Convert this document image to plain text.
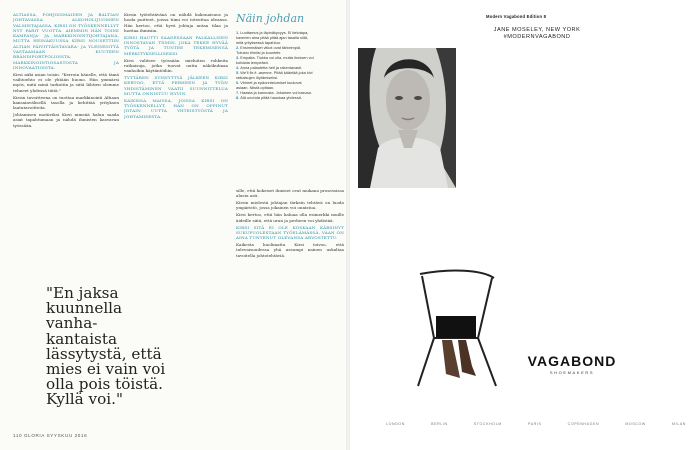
ALTIASSA, POHJOISMAIDEN JA BALTIAN JOHTAVASSA ALKOHOLIJUOMIEN VALMISTAJASSA, KIRSI ON TYÖSKENNELLYT NYT PARIT VUOTTA. AIEMMIN HÄN TOIMI KAMPANJA- JA MARKKINOINTIJOHTAJANA, MUTTA HEINÄKUUSSA KIRSI NOUSETTIIN ALTIAN PÄIVITTÄISTAVARA- JA YLEISESITTÄ VASTAAMAAN KUUTEEN BRÄNDIPORTFOLIOISTA, MARKKINOINTIOSASTOSTA JA INNOVAATIOISTA.

Kirsi näki asian toisin. "Kerroin hänelle, että tämä vaihtoehto ei ole yhtään huono. Hän ymmärsi myös, mitä minä tarkoitin ja siitä lähtien olemme tehneet yhdessä töitä."

Kirsin tavoitteena on tuottaa markkinointi Altiaan kansainvälisellä tasolla ja kehittää yrityksen laatutavoitteita.

Johtamisen motiiviksi Kirsi nimeää halun saada asiat tapahtumaan ja nähdä ihmisten kasvavan työssään.

Kirsin työtehtävänä on nähdä kokonaisuus ja luoda puitteet, joissa tiimi voi toteuttaa ideansa. Hän kertoo, että hyvä johtaja antaa tilaa ja luottaa ihmisiin.

KIRSI HAUTTI SAADESSAAN PALKALLISEN INNOSTAVAN TIIMIN, JOKA TEKEE HYVÄÄ TYÖTÄ JA TUNTEE TEKEMISENSÄ MERKITYKSELLISEKSI.

Kirsi valitsee työssään mieluiten rohkeita ratkaisuja, jotka tuovat uutta näkökulmaa vanhoihin käytäntöihin.

TYTTÄREN SYNNYTTYÄ JÄLKEEN KIRSI KERTOO, ETTÄ PERHEEN JA TYÖN YHDISTÄMINEN VAATII SUUNNITTELUA MUTTA ONNISTUU HYVIN.

KAIKISSA MAISSA, JOISSA KIRSI ON TYÖSKENNELLYT, HÄN ON OPPINUT JOTAIN UUTTA YHTEISTYÖSTÄ JA JOHTAMISESTA.

"En jaksa kuunnella vanha-kantaista lässytystä, että mies ei vain voi olla pois töistä. Kyllä voi."
110 GLORIA SYYSKUU 2016
Näin johdan

1.Luottamus ja läpinäkyvyys. Ei tietotapa, kaverien aina pitää pitää ajan tasalla siitä, mitä yrityksessä tapahtuu.

2.Ensimmäiset viikot ovat tärkeimpiä. Tutustu tiimiisi ja kuuntele.

3.Empatia. Tiukka voi olla, mutta ihmisen voi kohdata lempeästi.

4.Anna palautetta heti ja rakentavasti.

5.We'll fix it -asenne. Pitää kääntää joka kivi ratkaisujen löytämiseksi.

6.Virheet ja epäonnistumiset kuuluvat asiaan. Niistä opitaan.

7.Haasta ja kannusta. Jokainen voi kasvaa.

8.Älä unohda pitää hauskaa yhdessä.

sille, että kokeiset ihmiset ovat mukana prosessissa alusta asti.

Kirsin mielestä johtajan tärkein tehtävä on luoda ympäristö, jossa jokainen voi onnistua.

Kirsi kertoo, että hän haluaa olla esimerkki muille äideille siitä, että uran ja perheen voi yhdistää.

KIRSI SITÄ EI OLE KOSKAAN KÄRSINYT SUKUPUOLESTAAN TYÖELÄMÄSSÄ, VAAN ON AINA TUNTENUT OLEVANSA ARVOSTETTU.

Kaikesta huolimatta Kirsi toivoo, että tulevaisuudessa yhä useampi nainen uskaltaa tavoitella johtotehtäviä.

Modern Vagabond Edition 8
JANE MOSELEY, NEW YORK
#MODERNVAGABOND
VAGABOND
SHOEMAKERS
LONDON	BERLIN	STOCKHOLM	PARIS	COPENHAGEN	MOSCOW	MILAN
